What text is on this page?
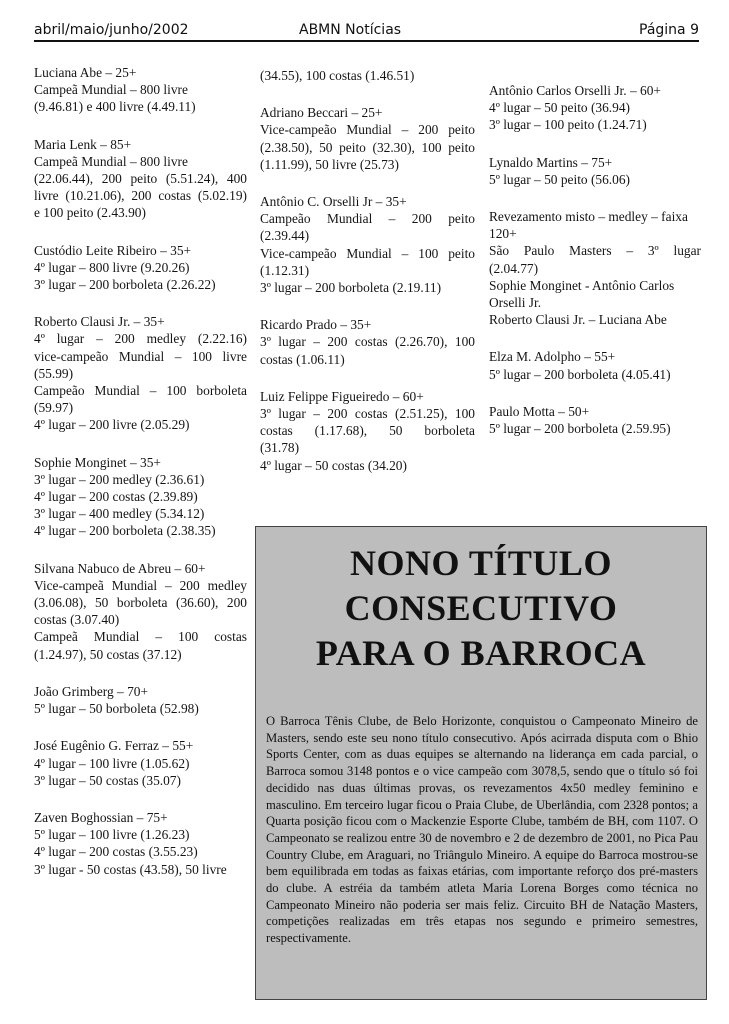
abril/maio/junho/2002	ABMN Notícias	Página 9
Luciana Abe – 25+
Campeã Mundial – 800 livre
(9.46.81) e 400 livre (4.49.11)
Maria Lenk – 85+
Campeã Mundial – 800 livre
(22.06.44), 200 peito (5.51.24), 400
livre (10.21.06), 200 costas (5.02.19)
e 100 peito (2.43.90)
Custódio Leite Ribeiro – 35+
4º lugar – 800 livre (9.20.26)
3º lugar – 200 borboleta (2.26.22)
Roberto Clausi Jr. – 35+
4º lugar – 200 medley (2.22.16)
vice-campeão Mundial – 100 livre
(55.99)
Campeão Mundial – 100 borboleta
(59.97)
4º lugar – 200 livre (2.05.29)
Sophie Monginet – 35+
3º lugar – 200 medley (2.36.61)
4º lugar – 200 costas (2.39.89)
3º lugar – 400 medley (5.34.12)
4º lugar – 200 borboleta (2.38.35)
Silvana Nabuco de Abreu – 60+
Vice-campeã Mundial – 200 medley
(3.06.08), 50 borboleta (36.60), 200
costas (3.07.40)
Campeã Mundial – 100 costas
(1.24.97), 50 costas (37.12)
João Grimberg – 70+
5º lugar – 50 borboleta (52.98)
José Eugênio G. Ferraz – 55+
4º lugar – 100 livre (1.05.62)
3º lugar – 50 costas (35.07)
Zaven Boghossian – 75+
5º lugar – 100 livre (1.26.23)
4º lugar – 200 costas (3.55.23)
3º lugar - 50 costas (43.58), 50 livre
(34.55), 100 costas (1.46.51)
Adriano Beccari – 25+
Vice-campeão Mundial – 200 peito
(2.38.50), 50 peito (32.30), 100 peito
(1.11.99), 50 livre (25.73)
Antônio C. Orselli Jr – 35+
Campeão Mundial – 200 peito
(2.39.44)
Vice-campeão Mundial – 100 peito
(1.12.31)
3º lugar – 200 borboleta (2.19.11)
Ricardo Prado – 35+
3º lugar – 200 costas (2.26.70), 100
costas (1.06.11)
Luiz Felippe Figueiredo – 60+
3º lugar – 200 costas (2.51.25), 100
costas (1.17.68), 50 borboleta
(31.78)
4º lugar – 50 costas (34.20)
Antônio Carlos Orselli Jr. – 60+
4º lugar – 50 peito (36.94)
3º lugar – 100 peito (1.24.71)
Lynaldo Martins – 75+
5º lugar – 50 peito (56.06)
Revezamento misto – medley – faixa
120+
São Paulo Masters – 3º lugar
(2.04.77)
Sophie Monginet - Antônio Carlos
Orselli Jr.
Roberto Clausi Jr. – Luciana Abe
Elza M. Adolpho – 55+
5º lugar – 200 borboleta (4.05.41)
Paulo Motta – 50+
5º lugar – 200 borboleta (2.59.95)
NONO TÍTULO
CONSECUTIVO
PARA O BARROCA
O Barroca Tênis Clube, de Belo Horizonte, conquistou o Campeonato Mineiro de Masters, sendo este seu nono título consecutivo. Após acirrada disputa com o Bhio Sports Center, com as duas equipes se alternando na liderança em cada parcial, o Barroca somou 3148 pontos e o vice campeão com 3078,5, sendo que o título só foi decidido nas duas últimas provas, os revezamentos 4x50 medley feminino e masculino. Em terceiro lugar ficou o Praia Clube, de Uberlândia, com 2328 pontos; a Quarta posição ficou com o Mackenzie Esporte Clube, também de BH, com 1107. O Campeonato se realizou entre 30 de novembro e 2 de dezembro de 2001, no Pica Pau Country Clube, em Araguari, no Triângulo Mineiro. A equipe do Barroca mostrou-se bem equilibrada em todas as faixas etárias, com importante reforço dos pré-masters do clube. A estréia da também atleta Maria Lorena Borges como técnica no Campeonato Mineiro não poderia ser mais feliz. Circuito BH de Natação Masters, competições realizadas em três etapas nos segundo e primeiro semestres, respectivamente.
